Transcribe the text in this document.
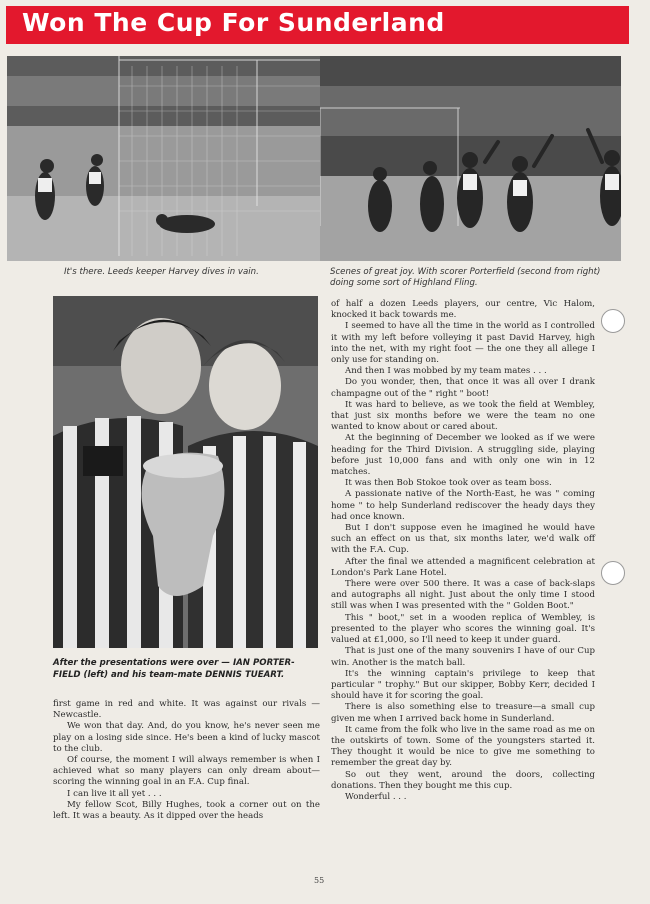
Won The Cup For Sunderland
It's there. Leeds keeper Harvey dives in vain.	Scenes of great joy. With scorer Porterfield (second from right) doing some sort of Highland Fling.
After the presentations were over — IAN PORTER-FIELD (left) and his team-mate DENNIS TUEART.

first game in red and white. It was against our rivals —Newcastle.

We won that day. And, do you know, he's never seen me play on a losing side since. He's been a kind of lucky mascot to the club.

Of course, the moment I will always remember is when I achieved what so many players can only dream about—scoring the winning goal in an F.A. Cup final.

I can live it all yet . . .

My fellow Scot, Billy Hughes, took a corner out on the left. It was a beauty. As it dipped over the heads

of half a dozen Leeds players, our centre, Vic Halom, knocked it back towards me.

I seemed to have all the time in the world as I controlled it with my left before volleying it past David Harvey, high into the net, with my right foot — the one they all allege I only use for standing on.

And then I was mobbed by my team mates . . .

Do you wonder, then, that once it was all over I drank champagne out of the " right " boot!

It was hard to believe, as we took the field at Wembley, that just six months before we were the team no one wanted to know about or cared about.

At the beginning of December we looked as if we were heading for the Third Division. A struggling side, playing before just 10,000 fans and with only one win in 12 matches.

It was then Bob Stokoe took over as team boss.

A passionate native of the North-East, he was " coming home " to help Sunderland rediscover the heady days they had once known.

But I don't suppose even he imagined he would have such an effect on us that, six months later, we'd walk off with the F.A. Cup.

After the final we attended a magnificent celebration at London's Park Lane Hotel.

There were over 500 there. It was a case of back-slaps and autographs all night. Just about the only time I stood still was when I was presented with the " Golden Boot."

This " boot," set in a wooden replica of Wembley, is presented to the player who scores the winning goal. It's valued at £1,000, so I'll need to keep it under guard.

That is just one of the many souvenirs I have of our Cup win. Another is the match ball.

It's the winning captain's privilege to keep that particular " trophy." But our skipper, Bobby Kerr, decided I should have it for scoring the goal.

There is also something else to treasure—a small cup given me when I arrived back home in Sunderland.

It came from the folk who live in the same road as me on the outskirts of town. Some of the youngsters started it. They thought it would be nice to give me something to remember the great day by.

So out they went, around the doors, collecting donations. Then they bought me this cup.

Wonderful . . .

55
